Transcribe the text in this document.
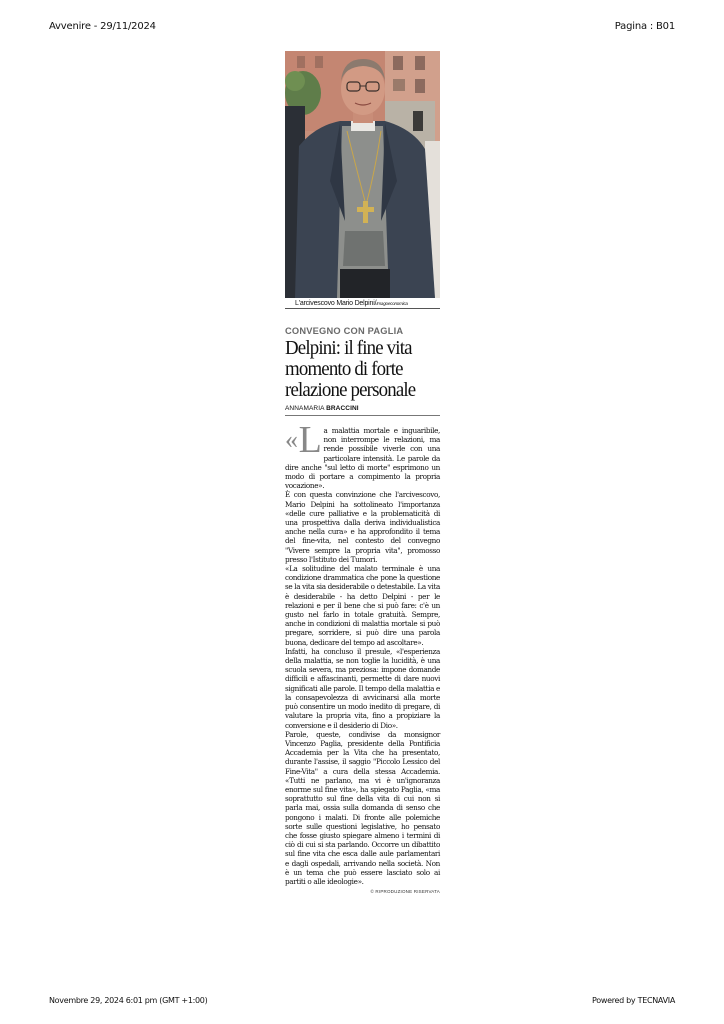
Avvenire - 29/11/2024	Pagina : B01
L'arcivescovo Mario Delpini/Imagoeconomica
CONVEGNO CON PAGLIA
Delpini: il fine vita momento di forte relazione personale
ANNAMARIA BRACCINI

« L a malattia mortale e inguaribile, non interrompe le relazioni, ma rende possibile viverle con una particolare intensità. Le parole da dire anche "sul letto di morte" esprimono un modo di portare a compimento la propria vocazione».

È con questa convinzione che l'arcivescovo, Mario Delpini ha sottolineato l'importanza «delle cure palliative e la problematicità di una prospettiva dalla deriva individualistica anche nella cura» e ha approfondito il tema del fine-vita, nel contesto del convegno "Vivere sempre la propria vita", promosso presso l'Istituto dei Tumori.

«La solitudine del malato terminale è una condizione drammatica che pone la questione se la vita sia desiderabile o detestabile. La vita è desiderabile - ha detto Delpini - per le relazioni e per il bene che si può fare: c'è un gusto nel farlo in totale gratuità. Sempre, anche in condizioni di malattia mortale si può pregare, sorridere, si può dire una parola buona, dedicare del tempo ad ascoltare».

Infatti, ha concluso il presule, «l'esperienza della malattia, se non toglie la lucidità, è una scuola severa, ma preziosa: impone domande difficili e affascinanti, permette di dare nuovi significati alle parole. Il tempo della malattia e la consapevolezza di avvicinarsi alla morte può consentire un modo inedito di pregare, di valutare la propria vita, fino a propiziare la conversione e il desiderio di Dio».

Parole, queste, condivise da monsignor Vincenzo Paglia, presidente della Pontificia Accademia per la Vita che ha presentato, durante l'assise, il saggio "Piccolo Lessico del Fine-Vita" a cura della stessa Accademia. «Tutti ne parlano, ma vi è un'ignoranza enorme sul fine vita», ha spiegato Paglia, «ma soprattutto sul fine della vita di cui non si parla mai, ossia sulla domanda di senso che pongono i malati. Di fronte alle polemiche sorte sulle questioni legislative, ho pensato che fosse giusto spiegare almeno i termini di ciò di cui si sta parlando. Occorre un dibattito sul fine vita che esca dalle aule parlamentari e dagli ospedali, arrivando nella società. Non è un tema che può essere lasciato solo ai partiti o alle ideologie».

© RIPRODUZIONE RISERVATA
Novembre 29, 2024 6:01 pm (GMT +1:00)	Powered by TECNAVIA
